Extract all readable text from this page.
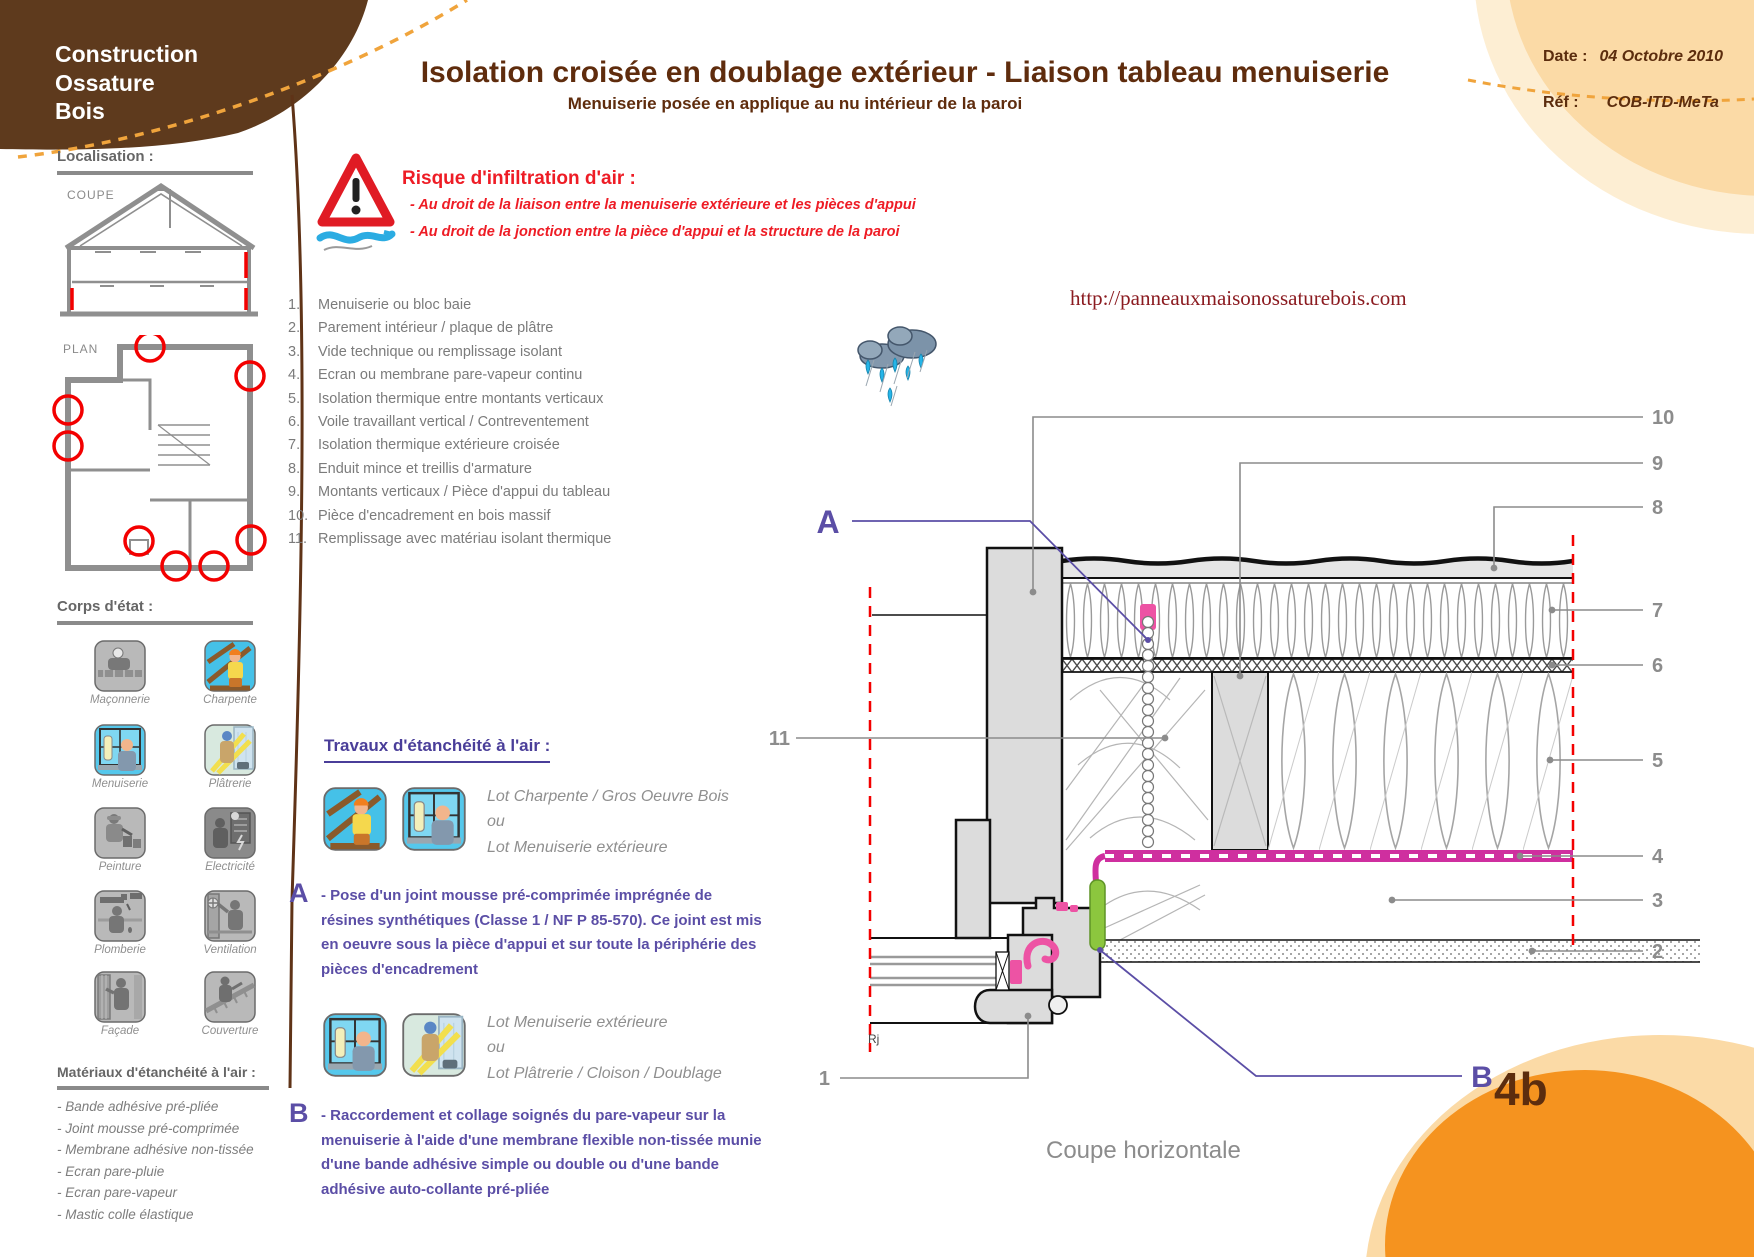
10
9
8
7
6
5
4
3
2
11
1
A
B
Rj
Coupe horizontale
Construction
Ossature
Bois
Isolation croisée en doublage extérieur - Liaison tableau menuiserie
Menuiserie posée en applique au nu intérieur de la paroi
Date : 04 Octobre 2010
Réf : COB-ITD-MeTa
Localisation :
COUPE
PLAN
Corps d'état :
Maçonnerie	Charpente
Menuiserie	Plâtrerie
Peinture	Electricité
Plomberie	Ventilation
Façade	Couverture
Matériaux d'étanchéité à l'air :
- Bande adhésive pré-pliée
- Joint mousse pré-comprimée
- Membrane adhésive non-tissée
- Ecran pare-pluie
- Ecran pare-vapeur
- Mastic colle élastique
Risque d'infiltration d'air :
- Au droit de la liaison entre la menuiserie extérieure et les pièces d'appui
- Au droit de la jonction entre la pièce d'appui et la structure de la paroi
1.	Menuiserie ou bloc baie
2.	Parement intérieur / plaque de plâtre
3.	Vide technique ou remplissage isolant
4.	Ecran ou membrane pare-vapeur continu
5.	Isolation thermique entre montants verticaux
6.	Voile travaillant vertical / Contreventement
7.	Isolation thermique extérieure croisée
8.	Enduit mince et treillis d'armature
9.	Montants verticaux / Pièce d'appui du tableau
10. Pièce d'encadrement en bois massif
11. Remplissage avec matériau isolant thermique
Travaux d'étanchéité à l'air :
Lot Charpente / Gros Oeuvre Bois
ou
Lot Menuiserie extérieure
A - Pose d'un joint mousse pré-comprimée imprégnée de résines synthétiques (Classe 1 / NF P 85-570). Ce joint est mis en oeuvre sous la pièce d'appui et sur toute la périphérie des pièces d'encadrement
Lot Menuiserie extérieure
ou
Lot Plâtrerie / Cloison / Doublage
B - Raccordement et collage soignés du pare-vapeur sur la menuiserie à l'aide d'une membrane flexible non-tissée munie d'une bande adhésive simple ou double ou d'une bande adhésive auto-collante pré-pliée
http://panneauxmaisonossaturebois.com
4b
